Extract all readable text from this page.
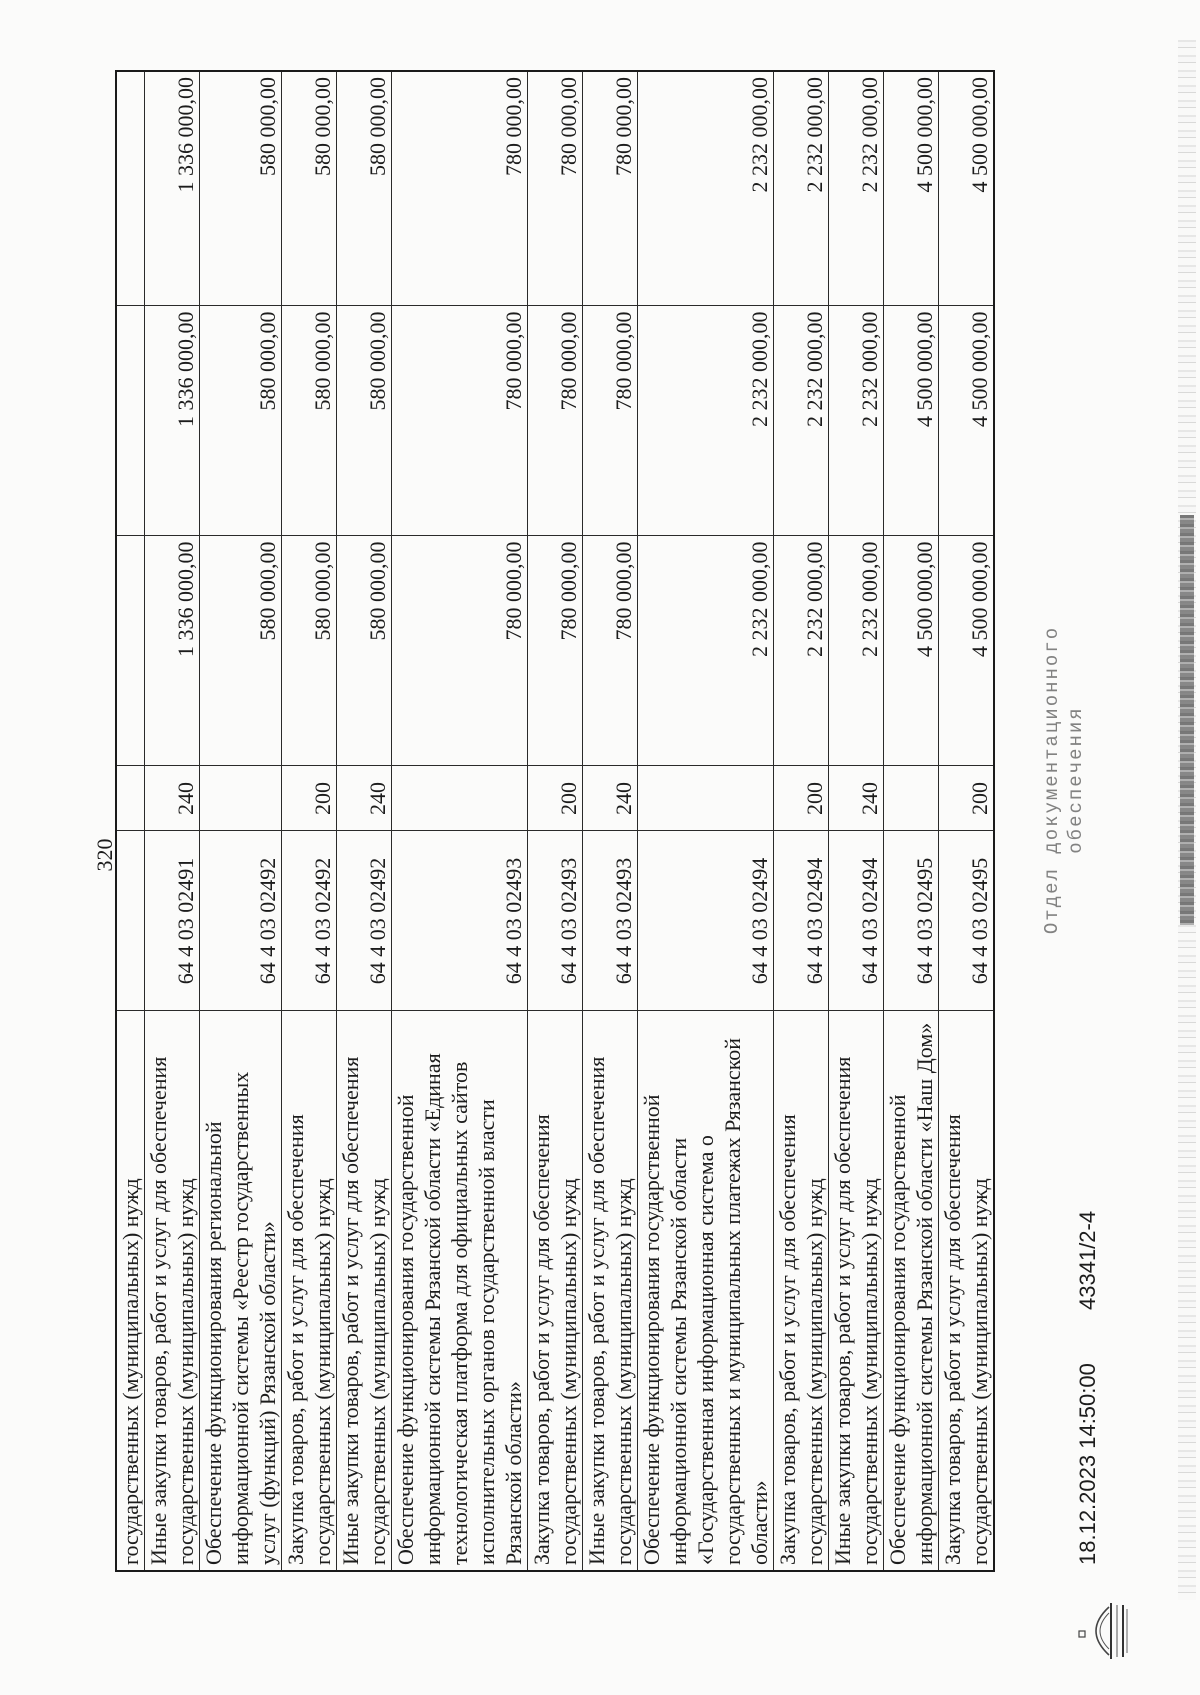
320
государственных (муниципальных) нужд					
Иные закупки товаров, работ и услуг для обеспечения государственных (муниципальных) нужд	64 4 03 02491	240	1 336 000,00	1 336 000,00	1 336 000,00
Обеспечение функционирования региональной информационной системы «Реестр государственных услуг (функций) Рязанской области»	64 4 03 02492		580 000,00	580 000,00	580 000,00
Закупка товаров, работ и услуг для обеспечения государственных (муниципальных) нужд	64 4 03 02492	200	580 000,00	580 000,00	580 000,00
Иные закупки товаров, работ и услуг для обеспечения государственных (муниципальных) нужд	64 4 03 02492	240	580 000,00	580 000,00	580 000,00
Обеспечение функционирования государственной информационной системы Рязанской области «Единая технологическая платформа для официальных сайтов исполнительных органов государственной власти Рязанской области»	64 4 03 02493		780 000,00	780 000,00	780 000,00
Закупка товаров, работ и услуг для обеспечения государственных (муниципальных) нужд	64 4 03 02493	200	780 000,00	780 000,00	780 000,00
Иные закупки товаров, работ и услуг для обеспечения государственных (муниципальных) нужд	64 4 03 02493	240	780 000,00	780 000,00	780 000,00
Обеспечение функционирования государственной информационной системы Рязанской области «Государственная информационная система о государственных и муниципальных платежах Рязанской области»	64 4 03 02494		2 232 000,00	2 232 000,00	2 232 000,00
Закупка товаров, работ и услуг для обеспечения государственных (муниципальных) нужд	64 4 03 02494	200	2 232 000,00	2 232 000,00	2 232 000,00
Иные закупки товаров, работ и услуг для обеспечения государственных (муниципальных) нужд	64 4 03 02494	240	2 232 000,00	2 232 000,00	2 232 000,00
Обеспечение функционирования государственной информационной системы Рязанской области «Наш Дом»	64 4 03 02495		4 500 000,00	4 500 000,00	4 500 000,00
Закупка товаров, работ и услуг для обеспечения государственных (муниципальных) нужд	64 4 03 02495	200	4 500 000,00	4 500 000,00	4 500 000,00
18.12.2023 14:50:00
43341/2-4
Отдел документационного обеспечения
